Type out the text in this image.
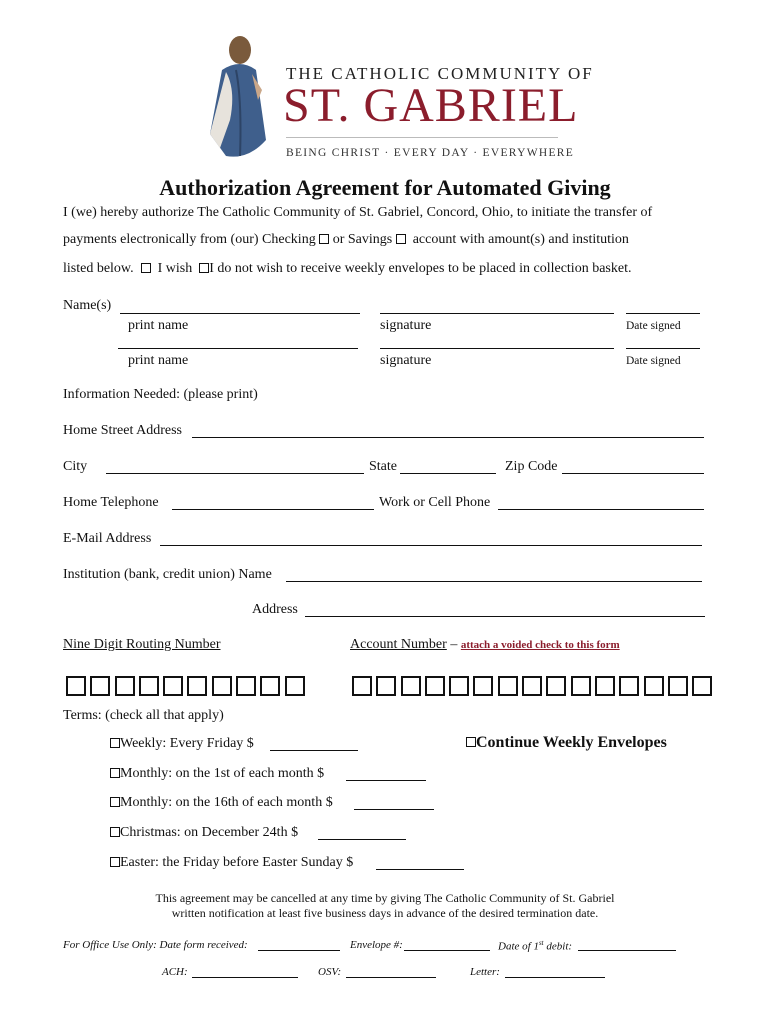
THE CATHOLIC COMMUNITY OF
ST. GABRIEL
BEING CHRIST · EVERY DAY · EVERYWHERE
Authorization Agreement for Automated Giving
I (we) hereby authorize The Catholic Community of St. Gabriel, Concord, Ohio, to initiate the transfer of
payments electronically from (our) Checking or Savings account with amount(s) and institution
listed below. I wish I do not wish to receive weekly envelopes to be placed in collection basket.
Name(s)
print name	signature	Date signed
print name	signature	Date signed
Information Needed: (please print)
Home Street Address
City	State	Zip Code
Home Telephone	Work or Cell Phone
E-Mail Address
Institution (bank, credit union) Name
Address
Nine Digit Routing Number	Account Number – attach a voided check to this form
Terms: (check all that apply)
Weekly: Every Friday $	Continue Weekly Envelopes
Monthly: on the 1st of each month $
Monthly: on the 16th of each month $
Christmas: on December 24th $
Easter: the Friday before Easter Sunday $
This agreement may be cancelled at any time by giving The Catholic Community of St. Gabriel
written notification at least five business days in advance of the desired termination date.
For Office Use Only: Date form received:	Envelope #:	Date of 1st debit:
ACH:	OSV:	Letter:
